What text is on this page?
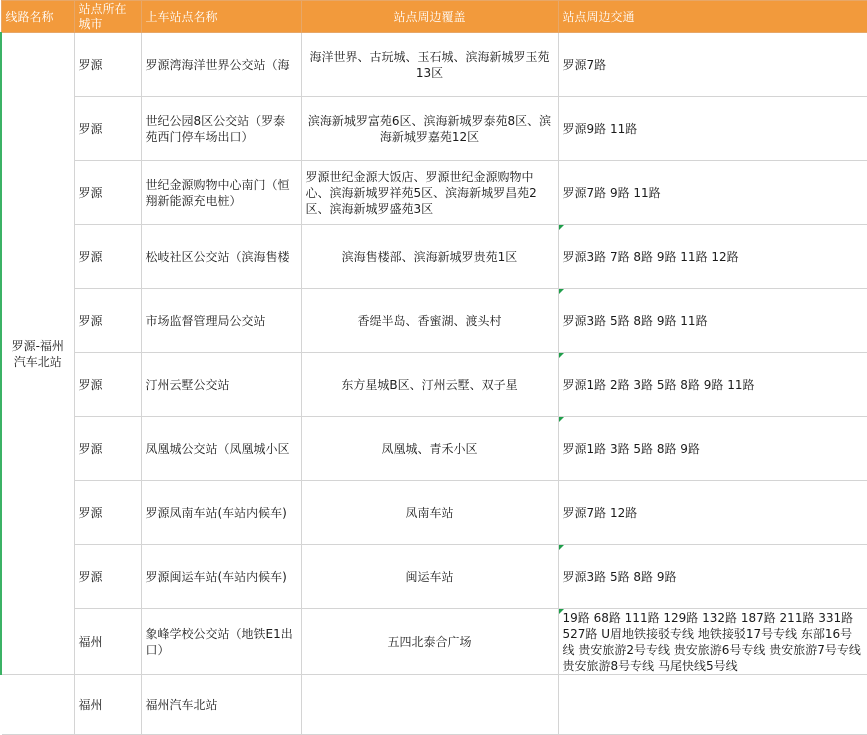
线路名称	站点所在城市	上车站点名称	站点周边覆盖	站点周边交通
罗源-福州汽车北站	罗源	罗源湾海洋世界公交站（海	海洋世界、古玩城、玉石城、滨海新城罗玉苑13区	罗源7路
	罗源	世纪公园8区公交站（罗泰苑西门停车场出口）	滨海新城罗富苑6区、滨海新城罗泰苑8区、滨海新城罗嘉苑12区	罗源9路 11路
	罗源	世纪金源购物中心南门（恒翔新能源充电桩）	罗源世纪金源大饭店、罗源世纪金源购物中心、滨海新城罗祥苑5区、滨海新城罗昌苑2区、滨海新城罗盛苑3区	罗源7路 9路 11路
	罗源	松岐社区公交站（滨海售楼	滨海售楼部、滨海新城罗贵苑1区	罗源3路 7路 8路 9路 11路 12路
	罗源	市场监督管理局公交站	香缇半岛、香蜜湖、渡头村	罗源3路 5路 8路 9路 11路
	罗源	汀州云墅公交站	东方星城B区、汀州云墅、双子星	罗源1路 2路 3路 5路 8路 9路 11路
	罗源	凤凰城公交站（凤凰城小区	凤凰城、青禾小区	罗源1路 3路 5路 8路 9路
	罗源	罗源凤南车站(车站内候车)	凤南车站	罗源7路 12路
	罗源	罗源闽运车站(车站内候车)	闽运车站	罗源3路 5路 8路 9路
	福州	象峰学校公交站（地铁E1出口）	五四北泰合广场	19路 68路 111路 129路 132路 187路 211路 331路 527路 U眉地铁接驳专线 地铁接驳17号专线 东部16号线 贵安旅游2号专线 贵安旅游6号专线 贵安旅游7号专线 贵安旅游8号专线 马尾快线5号线
	福州	福州汽车北站		
